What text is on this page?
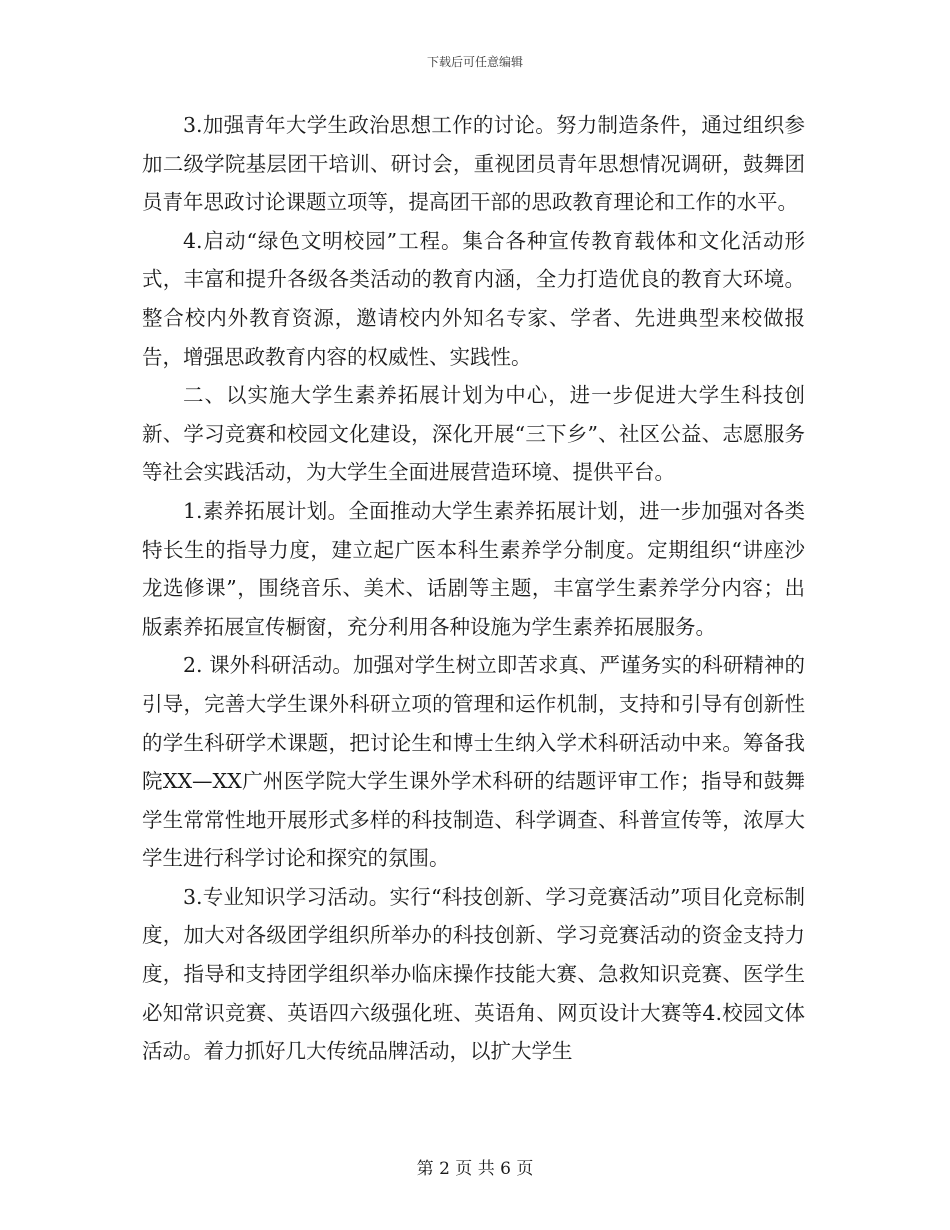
下载后可任意编辑

3.加强青年大学生政治思想工作的讨论。努力制造条件，通过组织参加二级学院基层团干培训、研讨会，重视团员青年思想情况调研，鼓舞团员青年思政讨论课题立项等，提高团干部的思政教育理论和工作的水平。

4.启动“绿色文明校园”工程。集合各种宣传教育载体和文化活动形式，丰富和提升各级各类活动的教育内涵，全力打造优良的教育大环境。整合校内外教育资源，邀请校内外知名专家、学者、先进典型来校做报告，增强思政教育内容的权威性、实践性。

二、以实施大学生素养拓展计划为中心，进一步促进大学生科技创新、学习竞赛和校园文化建设，深化开展“三下乡”、社区公益、志愿服务等社会实践活动，为大学生全面进展营造环境、提供平台。

1.素养拓展计划。全面推动大学生素养拓展计划，进一步加强对各类特长生的指导力度，建立起广医本科生素养学分制度。定期组织“讲座沙龙选修课”，围绕音乐、美术、话剧等主题，丰富学生素养学分内容；出版素养拓展宣传橱窗，充分利用各种设施为学生素养拓展服务。

2. 课外科研活动。加强对学生树立即苦求真、严谨务实的科研精神的引导，完善大学生课外科研立项的管理和运作机制，支持和引导有创新性的学生科研学术课题，把讨论生和博士生纳入学术科研活动中来。筹备我院XX—XX广州医学院大学生课外学术科研的结题评审工作；指导和鼓舞学生常常性地开展形式多样的科技制造、科学调查、科普宣传等，浓厚大学生进行科学讨论和探究的氛围。

3.专业知识学习活动。实行“科技创新、学习竞赛活动”项目化竞标制度，加大对各级团学组织所举办的科技创新、学习竞赛活动的资金支持力度，指导和支持团学组织举办临床操作技能大赛、急救知识竞赛、医学生必知常识竞赛、英语四六级强化班、英语角、网页设计大赛等4.校园文体活动。着力抓好几大传统品牌活动，以扩大学生

第 2 页 共 6 页
